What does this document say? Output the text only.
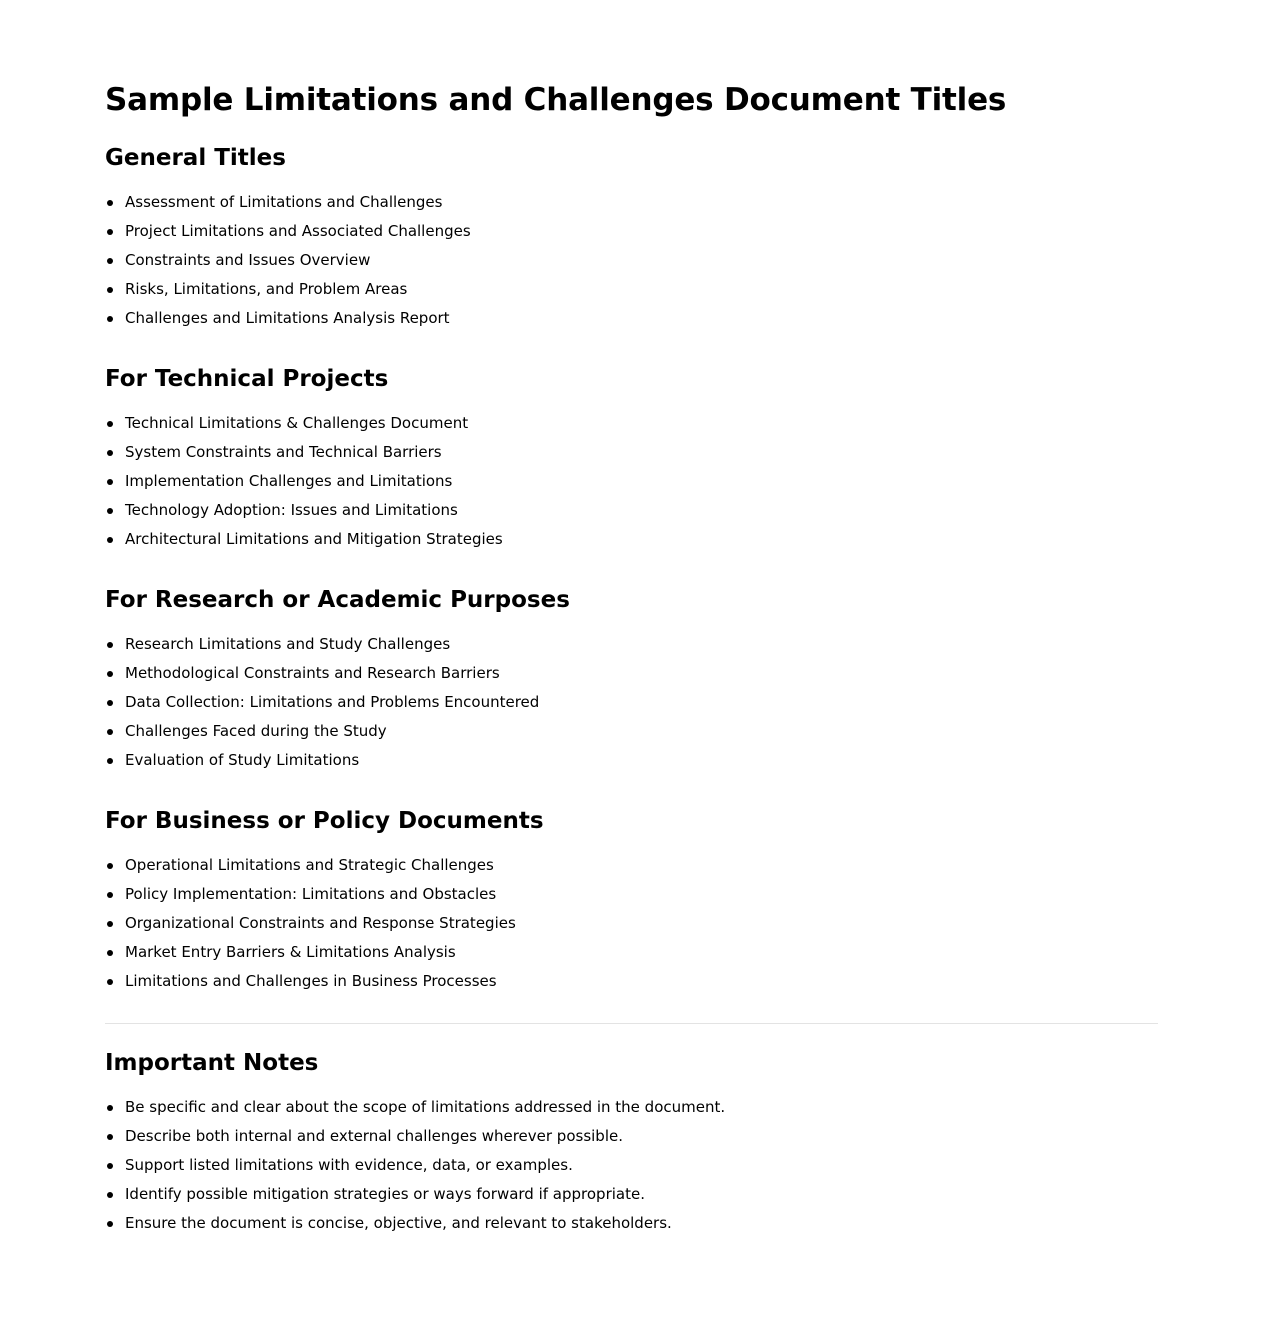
Sample Limitations and Challenges Document Titles
General Titles
Assessment of Limitations and Challenges
Project Limitations and Associated Challenges
Constraints and Issues Overview
Risks, Limitations, and Problem Areas
Challenges and Limitations Analysis Report
For Technical Projects
Technical Limitations & Challenges Document
System Constraints and Technical Barriers
Implementation Challenges and Limitations
Technology Adoption: Issues and Limitations
Architectural Limitations and Mitigation Strategies
For Research or Academic Purposes
Research Limitations and Study Challenges
Methodological Constraints and Research Barriers
Data Collection: Limitations and Problems Encountered
Challenges Faced during the Study
Evaluation of Study Limitations
For Business or Policy Documents
Operational Limitations and Strategic Challenges
Policy Implementation: Limitations and Obstacles
Organizational Constraints and Response Strategies
Market Entry Barriers & Limitations Analysis
Limitations and Challenges in Business Processes
Important Notes
Be specific and clear about the scope of limitations addressed in the document.
Describe both internal and external challenges wherever possible.
Support listed limitations with evidence, data, or examples.
Identify possible mitigation strategies or ways forward if appropriate.
Ensure the document is concise, objective, and relevant to stakeholders.
